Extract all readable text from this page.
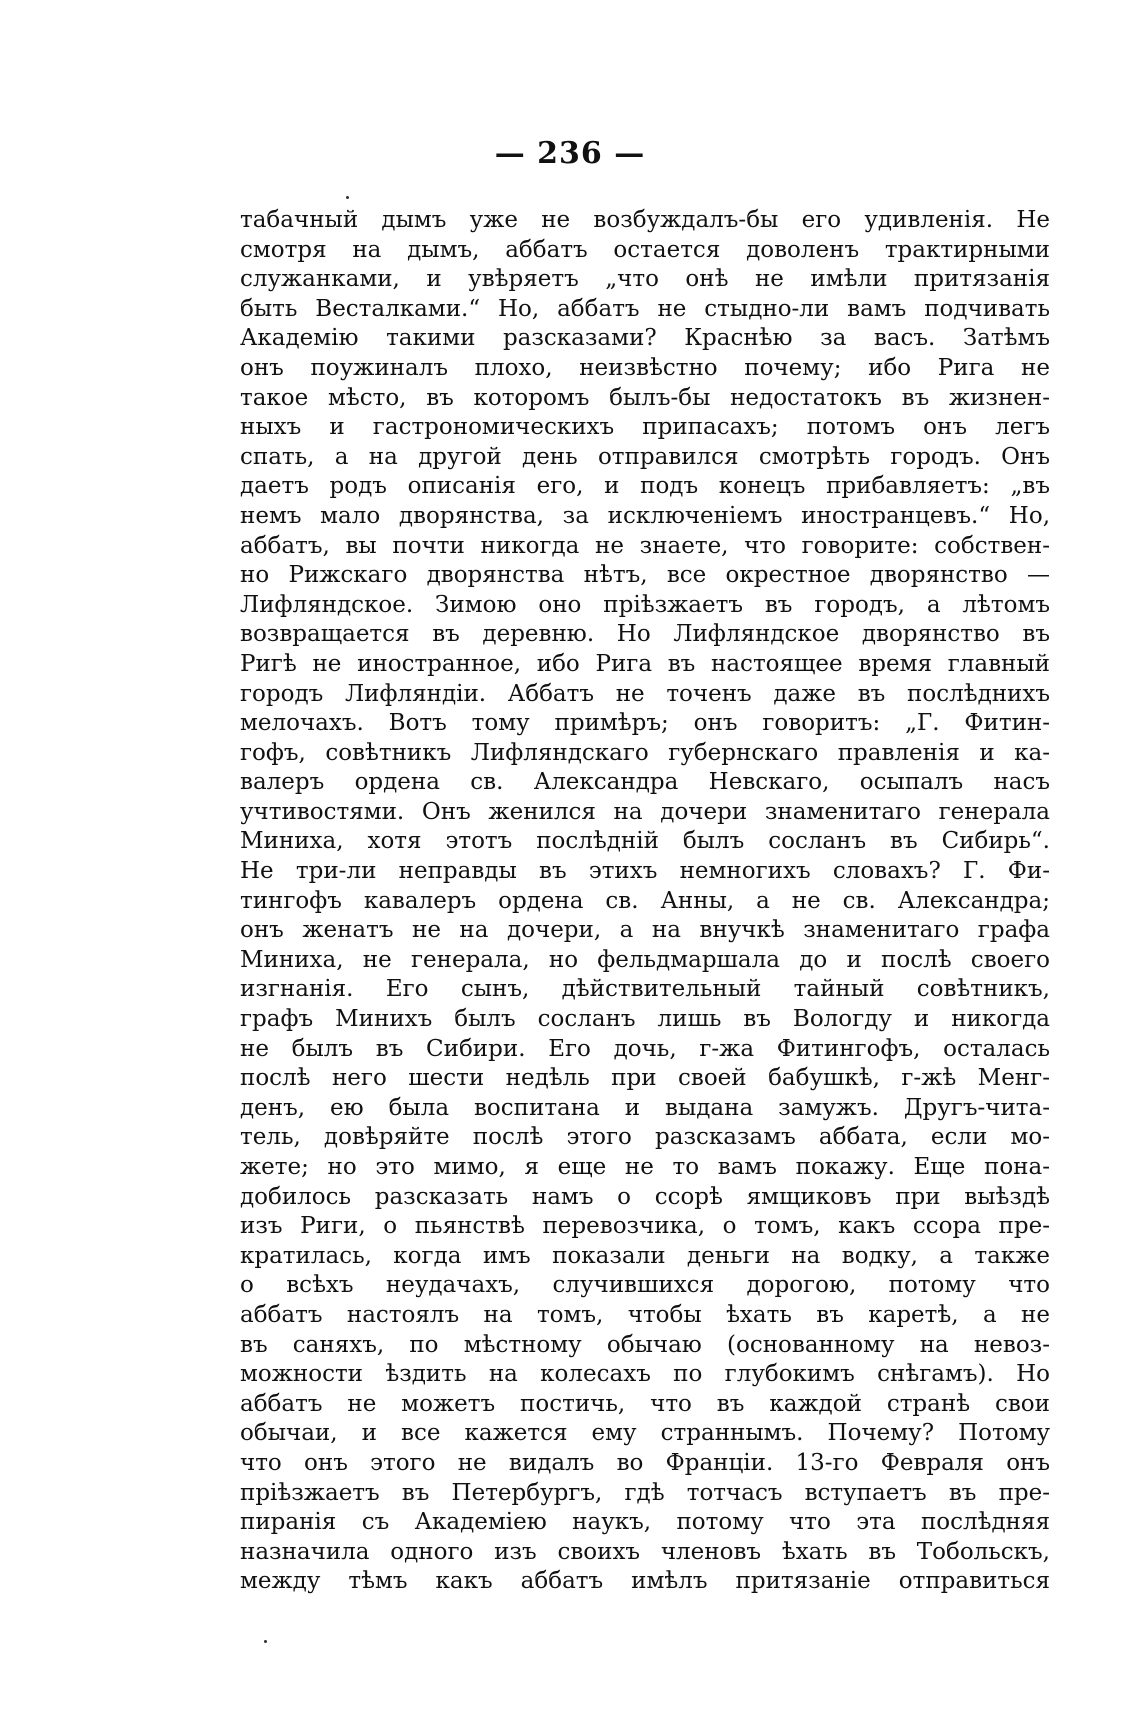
— 236 —
табачный дымъ уже не возбуждалъ-бы его удивленія. Не
смотря на дымъ, аббатъ остается доволенъ трактирными
служанками, и увѣряетъ „что онѣ не имѣли притязанія
быть Весталками.“ Но, аббатъ не стыдно-ли вамъ подчивать
Академію такими разсказами? Краснѣю за васъ. Затѣмъ
онъ поужиналъ плохо, неизвѣстно почему; ибо Рига не
такое мѣсто, въ которомъ былъ-бы недостатокъ въ жизнен-
ныхъ и гастрономическихъ припасахъ; потомъ онъ легъ
спать, а на другой день отправился смотрѣть городъ. Онъ
даетъ родъ описанія его, и подъ конецъ прибавляетъ: „въ
немъ мало дворянства, за исключеніемъ иностранцевъ.“ Но,
аббатъ, вы почти никогда не знаете, что говорите: собствен-
но Рижскаго дворянства нѣтъ, все окрестное дворянство —
Лифляндское. Зимою оно пріѣзжаетъ въ городъ, а лѣтомъ
возвращается въ деревню. Но Лифляндское дворянство въ
Ригѣ не иностранное, ибо Рига въ настоящее время главный
городъ Лифляндіи. Аббатъ не точенъ даже въ послѣднихъ
мелочахъ. Вотъ тому примѣръ; онъ говоритъ: „Г. Фитин-
гофъ, совѣтникъ Лифляндскаго губернскаго правленія и ка-
валеръ ордена св. Александра Невскаго, осыпалъ насъ
учтивостями. Онъ женился на дочери знаменитаго генерала
Миниха, хотя этотъ послѣдній былъ сосланъ въ Сибирь“.
Не три-ли неправды въ этихъ немногихъ словахъ? Г. Фи-
тингофъ кавалеръ ордена св. Анны, а не св. Александра;
онъ женатъ не на дочери, а на внучкѣ знаменитаго графа
Миниха, не генерала, но фельдмаршала до и послѣ своего
изгнанія. Его сынъ, дѣйствительный тайный совѣтникъ,
графъ Минихъ былъ сосланъ лишь въ Вологду и никогда
не былъ въ Сибири. Его дочь, г-жа Фитингофъ, осталась
послѣ него шести недѣль при своей бабушкѣ, г-жѣ Менг-
денъ, ею была воспитана и выдана замужъ. Другъ-чита-
тель, довѣряйте послѣ этого разсказамъ аббата, если мо-
жете; но это мимо, я еще не то вамъ покажу. Еще пона-
добилось разсказать намъ о ссорѣ ямщиковъ при выѣздѣ
изъ Риги, о пьянствѣ перевозчика, о томъ, какъ ссора пре-
кратилась, когда имъ показали деньги на водку, а также
о всѣхъ неудачахъ, случившихся дорогою, потому что
аббатъ настоялъ на томъ, чтобы ѣхать въ каретѣ, а не
въ саняхъ, по мѣстному обычаю (основанному на невоз-
можности ѣздить на колесахъ по глубокимъ снѣгамъ). Но
аббатъ не можетъ постичь, что въ каждой странѣ свои
обычаи, и все кажется ему страннымъ. Почему? Потому
что онъ этого не видалъ во Франціи. 13-го Февраля онъ
пріѣзжаетъ въ Петербургъ, гдѣ тотчасъ вступаетъ въ пре-
пиранія съ Академіею наукъ, потому что эта послѣдняя
назначила одного изъ своихъ членовъ ѣхать въ Тобольскъ,
между тѣмъ какъ аббатъ имѣлъ притязаніе отправиться
